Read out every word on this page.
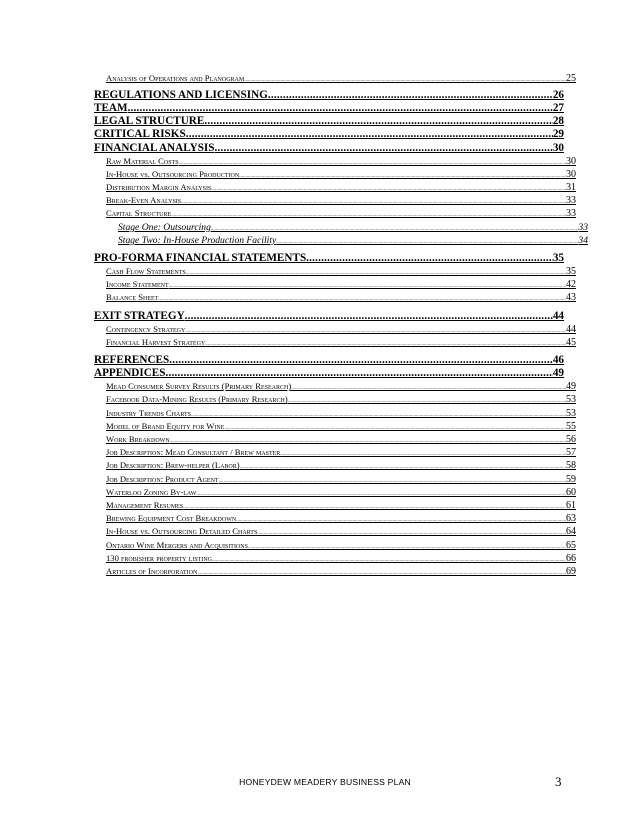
Analysis of Operations and Planogram .....	25
REGULATIONS AND LICENSING .....	26
TEAM .....	27
LEGAL STRUCTURE .....	28
CRITICAL RISKS .....	29
FINANCIAL ANALYSIS .....	30
Raw Material Costs .....	30
In-House vs. Outsourcing Production .....	30
Distribution Margin Analysis .....	31
Break-Even Analysis .....	33
Capital Structure .....	33
Stage One: Outsourcing .....	33
Stage Two: In-House Production Facility .....	34
PRO-FORMA FINANCIAL STATEMENTS .....	35
Cash Flow Statements .....	35
Income Statement .....	42
Balance Sheet .....	43
EXIT STRATEGY .....	44
Contingency Strategy .....	44
Financial Harvest Strategy .....	45
REFERENCES .....	46
APPENDICES .....	49
Mead Consumer Survey Results (Primary Research) .....	49
Facebook Data-Mining Results (Primary Research) .....	53
Industry Trends Charts .....	53
Model of Brand Equity for Wine .....	55
Work Breakdown .....	56
Job Description: Mead Consultant / Brew master .....	57
Job Description: Brew-helper (Labor) .....	58
Job Description: Product Agent .....	59
Waterloo Zoning By-law .....	60
Management Resumes .....	61
Brewing Equipment Cost Breakdown .....	63
In-House vs. Outsourcing Detailed Charts .....	64
Ontario Wine Mergers and Acquisitions .....	65
130 frobisher property listing .....	66
Articles of Incorporation .....	69
HONEYDEW MEADERY BUSINESS PLAN	3
